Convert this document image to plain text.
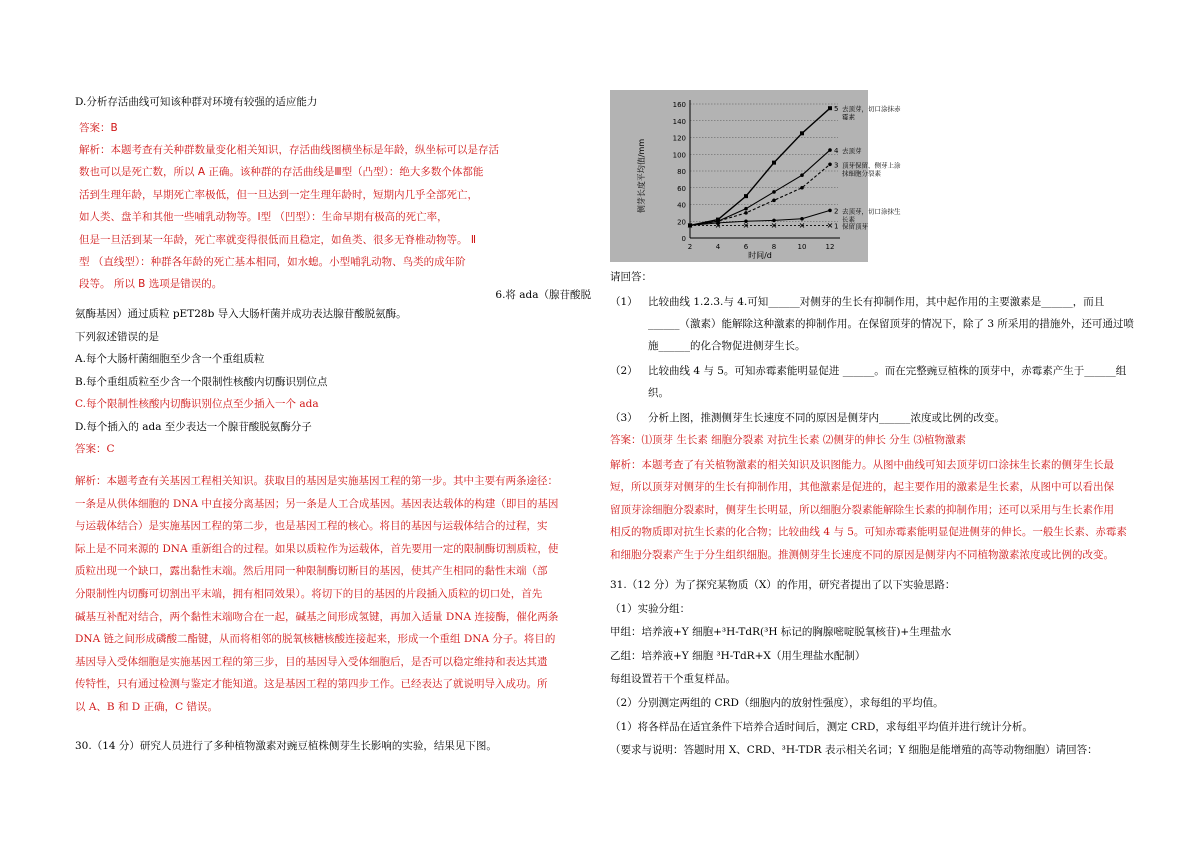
D.分析存活曲线可知该种群对环境有较强的适应能力

答案：B

解析：本题考查有关种群数量变化相关知识，存活曲线图横坐标是年龄，纵坐标可以是存活

数也可以是死亡数，所以 A 正确。该种群的存活曲线是Ⅲ型（凸型）：绝大多数个体都能

活到生理年龄，早期死亡率极低，但一旦达到一定生理年龄时，短期内几乎全部死亡，

如人类、盘羊和其他一些哺乳动物等。Ⅰ型 （凹型）：生命早期有极高的死亡率，

但是一旦活到某一年龄，死亡率就变得很低而且稳定，如鱼类、很多无脊椎动物等。 Ⅱ

型 （直线型）：种群各年龄的死亡基本相同，如水螅。小型哺乳动物、鸟类的成年阶

段等。 所以 B 选项是错误的。

6.将 ada（腺苷酸脱

氨酶基因）通过质粒 pET28b 导入大肠杆菌并成功表达腺苷酸脱氨酶。

下列叙述错误的是

A.每个大肠杆菌细胞至少含一个重组质粒

B.每个重组质粒至少含一个限制性核酸内切酶识别位点

C.每个限制性核酸内切酶识别位点至少插入一个 ada

D.每个插入的 ada 至少表达一个腺苷酸脱氨酶分子

答案：C

解析：本题考查有关基因工程相关知识。获取目的基因是实施基因工程的第一步。其中主要有两条途径：

一条是从供体细胞的 DNA 中直接分离基因；另一条是人工合成基因。基因表达载体的构建（即目的基因

与运载体结合）是实施基因工程的第二步，也是基因工程的核心。将目的基因与运载体结合的过程，实

际上是不同来源的 DNA 重新组合的过程。如果以质粒作为运载体，首先要用一定的限制酶切割质粒，使

质粒出现一个缺口，露出黏性末端。然后用同一种限制酶切断目的基因，使其产生相同的黏性末端（部

分限制性内切酶可切割出平末端，拥有相同效果）。将切下的目的基因的片段插入质粒的切口处，首先

碱基互补配对结合，两个黏性末端吻合在一起，碱基之间形成氢键，再加入适量 DNA 连接酶，催化两条

DNA 链之间形成磷酸二酯键，从而将相邻的脱氧核糖核酸连接起来，形成一个重组 DNA 分子。将目的

基因导入受体细胞是实施基因工程的第三步，目的基因导入受体细胞后，是否可以稳定维持和表达其遗

传特性，只有通过检测与鉴定才能知道。这是基因工程的第四步工作。已经表达了就说明导入成功。所

以 A、B 和 D 正确，C 错误。

30.（14 分）研究人员进行了多种植物激素对豌豆植株侧芽生长影响的实验，结果见下图。

侧芽长度平均值/mm
时间/d
0
20
40
60
80
100
120
140
160
2	4	6	8	10	12
5 去顶芽，切口涂抹赤
霉素
4 去顶芽
3 顶芽保留，侧芽上涂
抹细胞分裂素
2 去顶芽，切口涂抹生
长素
1 保留顶芽

请回答：

（1） 比较曲线 1.2.3.与 4.可知______对侧芽的生长有抑制作用，其中起作用的主要激素是______，而且______（激素）能解除这种激素的抑制作用。在保留顶芽的情况下，除了 3 所采用的措施外，还可通过喷施______的化合物促进侧芽生长。

（2） 比较曲线 4 与 5。可知赤霉素能明显促进 ______。而在完整豌豆植株的顶芽中，赤霉素产生于______组织。

（3） 分析上图，推测侧芽生长速度不同的原因是侧芽内______浓度或比例的改变。

答案：⑴顶芽 生长素 细胞分裂素 对抗生长素 ⑵侧芽的伸长 分生 ⑶植物激素

解析：本题考查了有关植物激素的相关知识及识图能力。从图中曲线可知去顶芽切口涂抹生长素的侧芽生长最

短，所以顶芽对侧芽的生长有抑制作用，其他激素是促进的，起主要作用的激素是生长素，从图中可以看出保

留顶芽涂细胞分裂素时，侧芽生长明显，所以细胞分裂素能解除生长素的抑制作用；还可以采用与生长素作用

相反的物质即对抗生长素的化合物；比较曲线 4 与 5。可知赤霉素能明显促进侧芽的伸长。一般生长素、赤霉素

和细胞分裂素产生于分生组织细胞。推测侧芽生长速度不同的原因是侧芽内不同植物激素浓度或比例的改变。

31.（12 分）为了探究某物质（X）的作用，研究者提出了以下实验思路：

（1）实验分组：

甲组：培养液+Y 细胞+³H-TdR(³H 标记的胸腺嘧啶脱氧核苷)+生理盐水

乙组：培养液+Y 细胞 ³H-TdR+X（用生理盐水配制）

每组设置若干个重复样品。

（2）分别测定两组的 CRD（细胞内的放射性强度），求每组的平均值。

（1）将各样品在适宜条件下培养合适时间后，测定 CRD，求每组平均值并进行统计分析。

（要求与说明：答题时用 X、CRD、³H-TDR 表示相关名词；Y 细胞是能增殖的高等动物细胞）请回答：
